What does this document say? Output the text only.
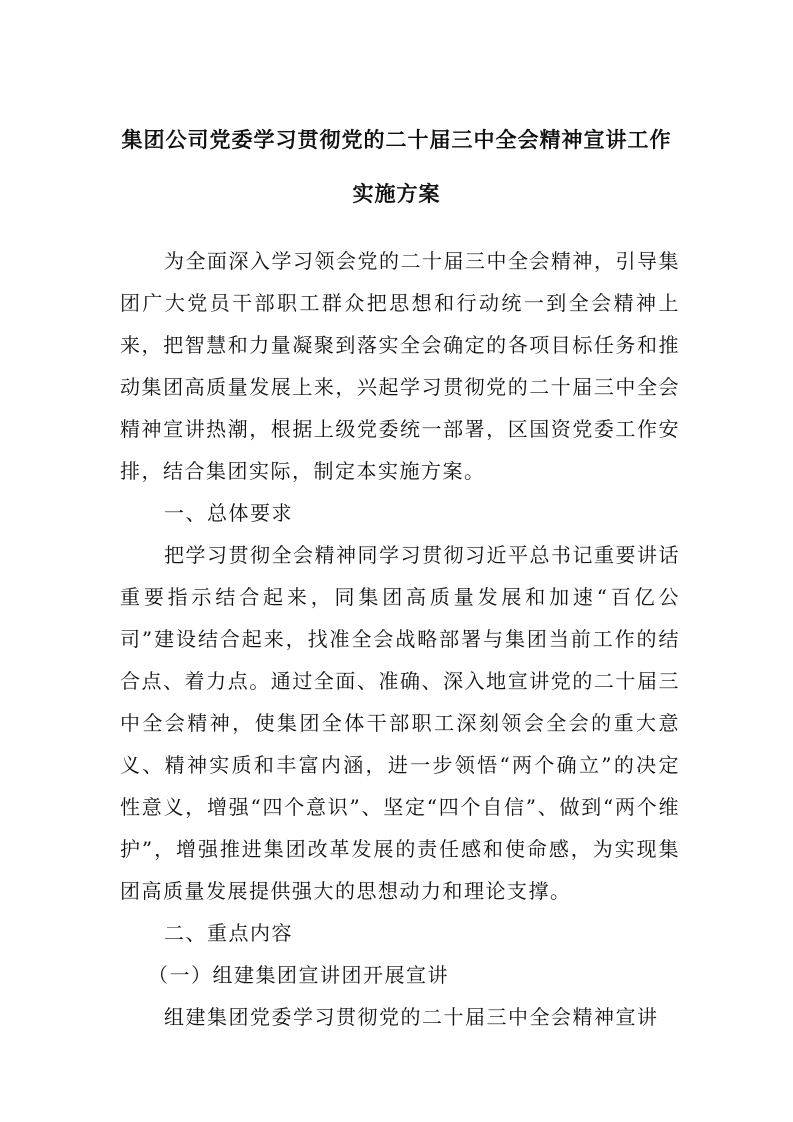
集团公司党委学习贯彻党的二十届三中全会精神宣讲工作
实施方案

为全面深入学习领会党的二十届三中全会精神，引导集团广大党员干部职工群众把思想和行动统一到全会精神上来，把智慧和力量凝聚到落实全会确定的各项目标任务和推动集团高质量发展上来，兴起学习贯彻党的二十届三中全会精神宣讲热潮，根据上级党委统一部署，区国资党委工作安排，结合集团实际，制定本实施方案。

一、总体要求

把学习贯彻全会精神同学习贯彻习近平总书记重要讲话重要指示结合起来，同集团高质量发展和加速“百亿公司”建设结合起来，找准全会战略部署与集团当前工作的结合点、着力点。通过全面、准确、深入地宣讲党的二十届三中全会精神，使集团全体干部职工深刻领会全会的重大意义、精神实质和丰富内涵，进一步领悟“两个确立”的决定性意义，增强“四个意识”、坚定“四个自信”、做到“两个维护”，增强推进集团改革发展的责任感和使命感，为实现集团高质量发展提供强大的思想动力和理论支撑。

二、重点内容

（一）组建集团宣讲团开展宣讲

组建集团党委学习贯彻党的二十届三中全会精神宣讲
